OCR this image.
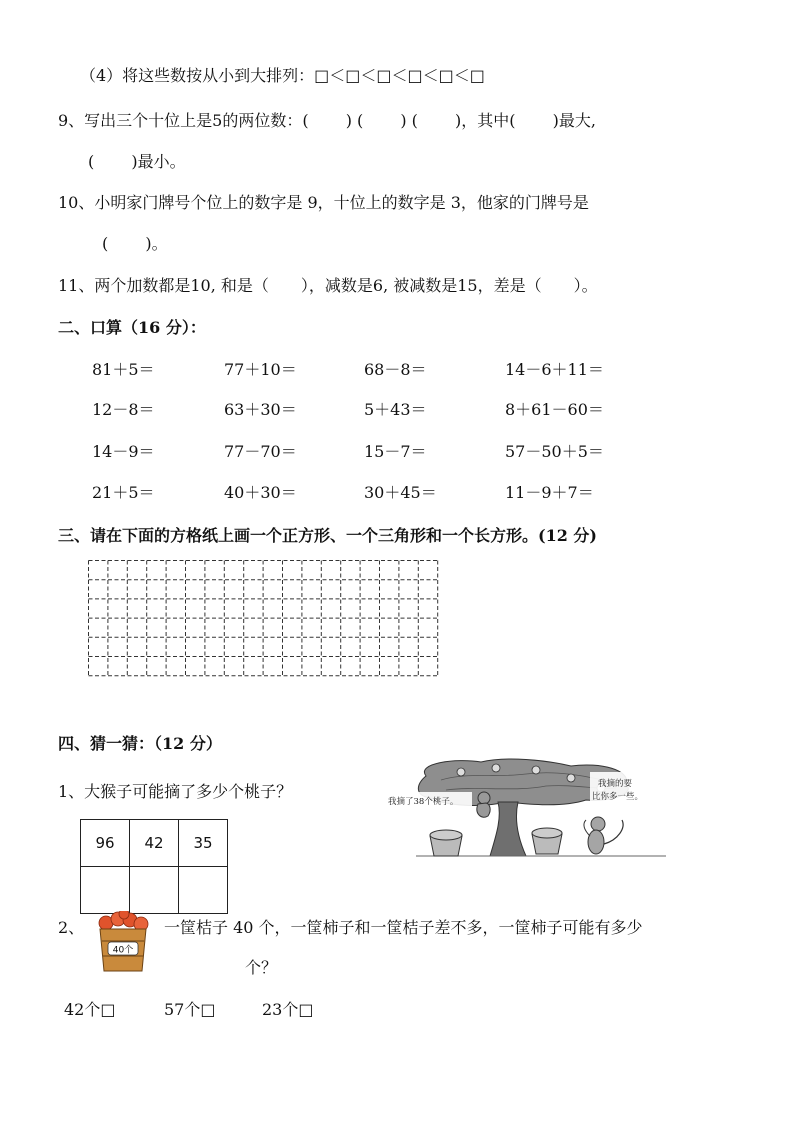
（4）将这些数按从小到大排列：□＜□＜□＜□＜□＜□
9、写出三个十位上是5的两位数：(　　 ) (　　 ) (　　 )，其中(　　 )最大,
(　　 )最小。
10、小明家门牌号个位上的数字是 9，十位上的数字是 3，他家的门牌号是
(　　 )。
11、两个加数都是10, 和是（　　），减数是6, 被减数是15，差是（　　）。
二、口算（16 分）：
81＋5＝	77＋10＝	68－8＝	14－6＋11＝
12－8＝	63＋30＝	5＋43＝	8＋61－60＝
14－9＝	77－70＝	15－7＝	57－50＋5＝
21＋5＝	40＋30＝	30＋45＝	11－9＋7＝
三、请在下面的方格纸上画一个正方形、一个三角形和一个长方形。(12 分)
四、猜一猜：（12 分）
1、大猴子可能摘了多少个桃子？
96	42	35

我摘了38个桃子。
我摘的要
比你多一些。
2、
40个
一筐桔子 40 个，一筐柿子和一筐桔子差不多，一筐柿子可能有多少
个？
42个□	57个□	23个□
